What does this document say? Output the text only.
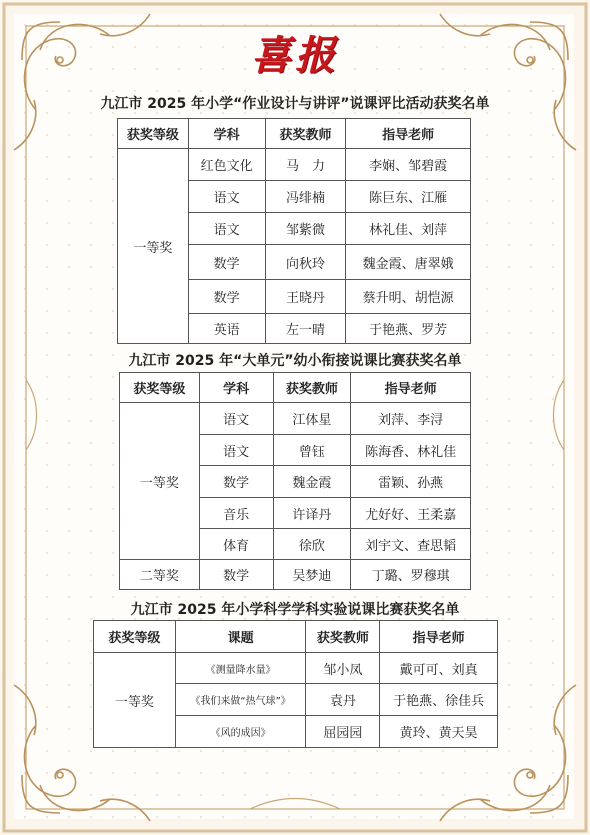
喜报
九江市 2025 年小学“作业设计与讲评”说课评比活动获奖名单
获奖等级	学科	获奖教师	指导老师
一等奖	红色文化	马　力	李娴、邹碧霞
	语文	冯绯楠	陈巨东、江雁
	语文	邹紫微	林礼佳、刘萍
	数学	向秋玲	魏金霞、唐翠娥
	数学	王晓丹	蔡升明、胡恺源
	英语	左一晴	于艳燕、罗芳
九江市 2025 年“大单元”幼小衔接说课比赛获奖名单
获奖等级	学科	获奖教师	指导老师
一等奖	语文	江体星	刘萍、李浔
	语文	曾钰	陈海香、林礼佳
	数学	魏金霞	雷颖、孙燕
	音乐	许译丹	尤好好、王柔嘉
	体育	徐欣	刘宇文、查思韬
二等奖	数学	吴梦迪	丁璐、罗穆琪
九江市 2025 年小学科学学科实验说课比赛获奖名单
获奖等级	课题	获奖教师	指导老师
一等奖	《测量降水量》	邹小凤	戴可可、刘真
	《我们来做“热气球”》	袁丹	于艳燕、徐佳兵
	《风的成因》	屈园园	黄玲、黄天昊
